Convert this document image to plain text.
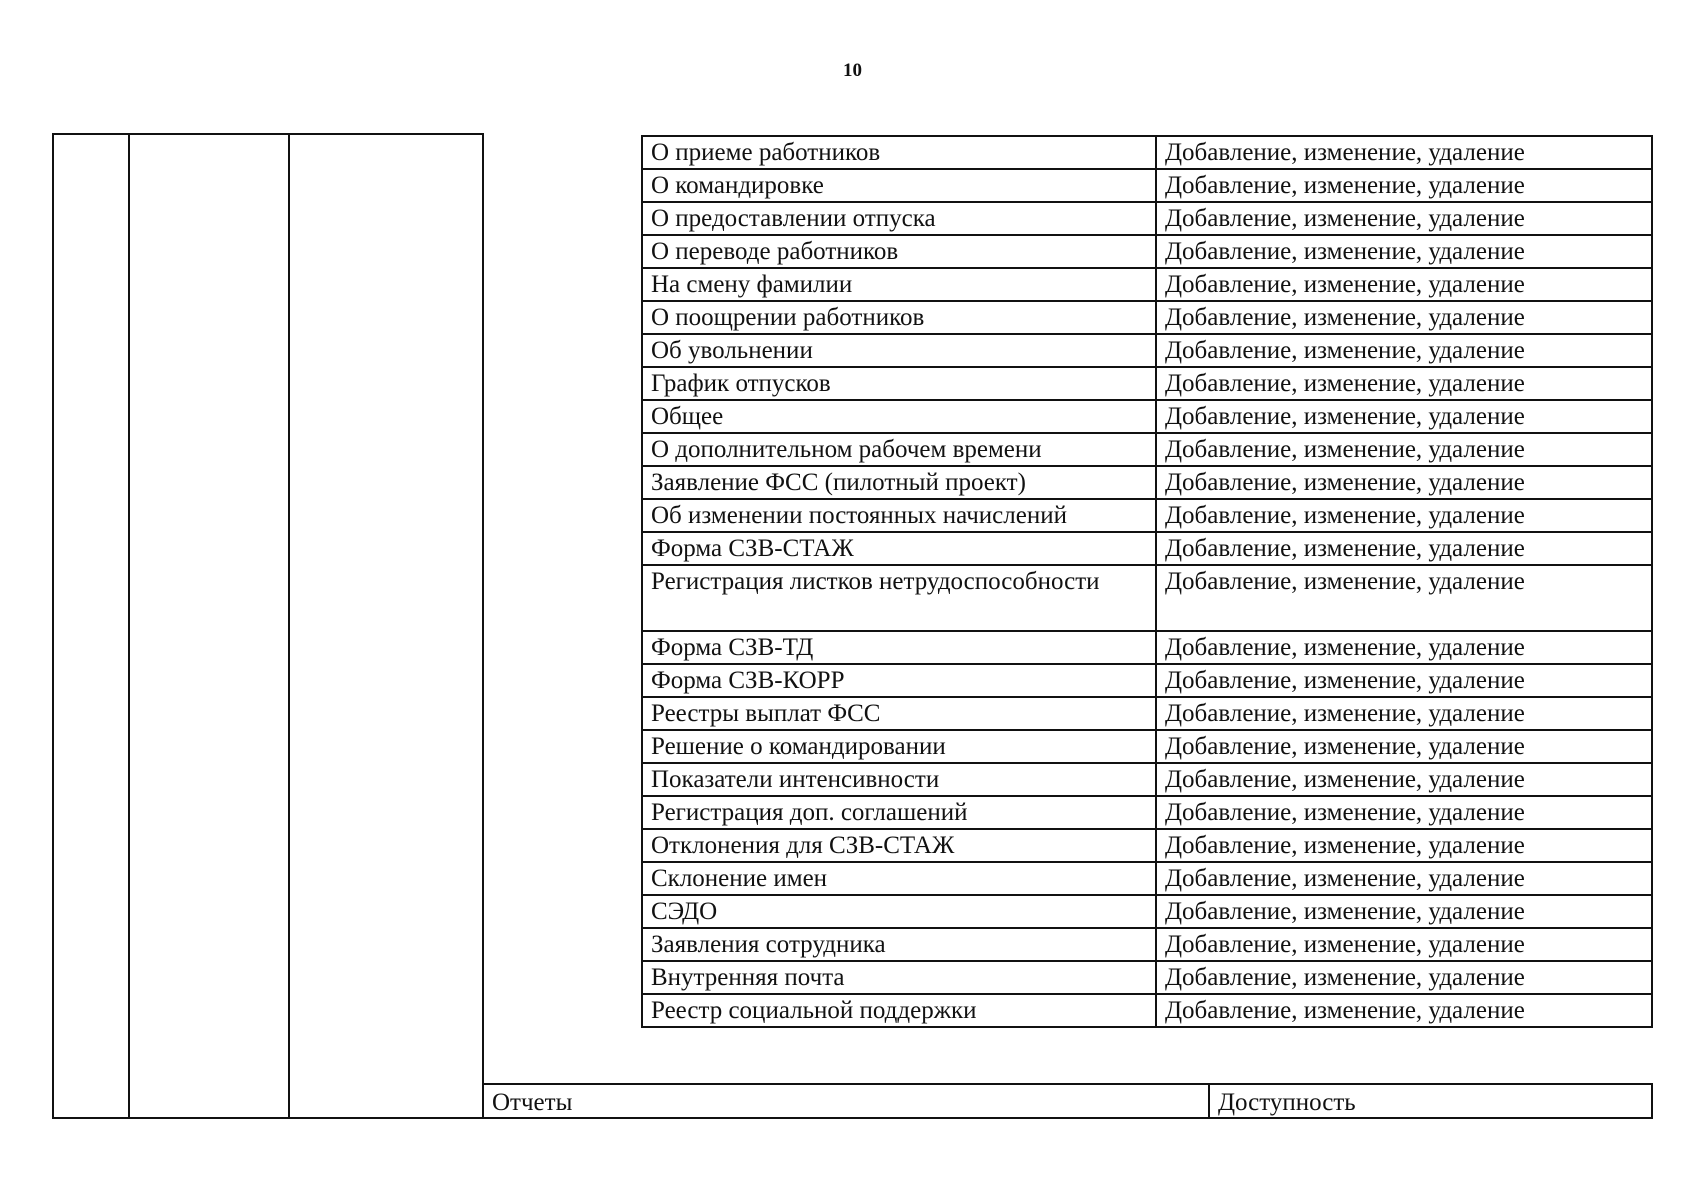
10
О приеме работников	Добавление, изменение, удаление
О командировке	Добавление, изменение, удаление
О предоставлении отпуска	Добавление, изменение, удаление
О переводе работников	Добавление, изменение, удаление
На смену фамилии	Добавление, изменение, удаление
О поощрении работников	Добавление, изменение, удаление
Об увольнении	Добавление, изменение, удаление
График отпусков	Добавление, изменение, удаление
Общее	Добавление, изменение, удаление
О дополнительном рабочем времени	Добавление, изменение, удаление
Заявление ФСС (пилотный проект)	Добавление, изменение, удаление
Об изменении постоянных начислений	Добавление, изменение, удаление
Форма СЗВ-СТАЖ	Добавление, изменение, удаление
Регистрация листков нетрудоспособности	Добавление, изменение, удаление
Форма СЗВ-ТД	Добавление, изменение, удаление
Форма СЗВ-КОРР	Добавление, изменение, удаление
Реестры выплат ФСС	Добавление, изменение, удаление
Решение о командировании	Добавление, изменение, удаление
Показатели интенсивности	Добавление, изменение, удаление
Регистрация доп. соглашений	Добавление, изменение, удаление
Отклонения для СЗВ-СТАЖ	Добавление, изменение, удаление
Склонение имен	Добавление, изменение, удаление
СЭДО	Добавление, изменение, удаление
Заявления сотрудника	Добавление, изменение, удаление
Внутренняя почта	Добавление, изменение, удаление
Реестр социальной поддержки	Добавление, изменение, удаление
Отчеты	Доступность
